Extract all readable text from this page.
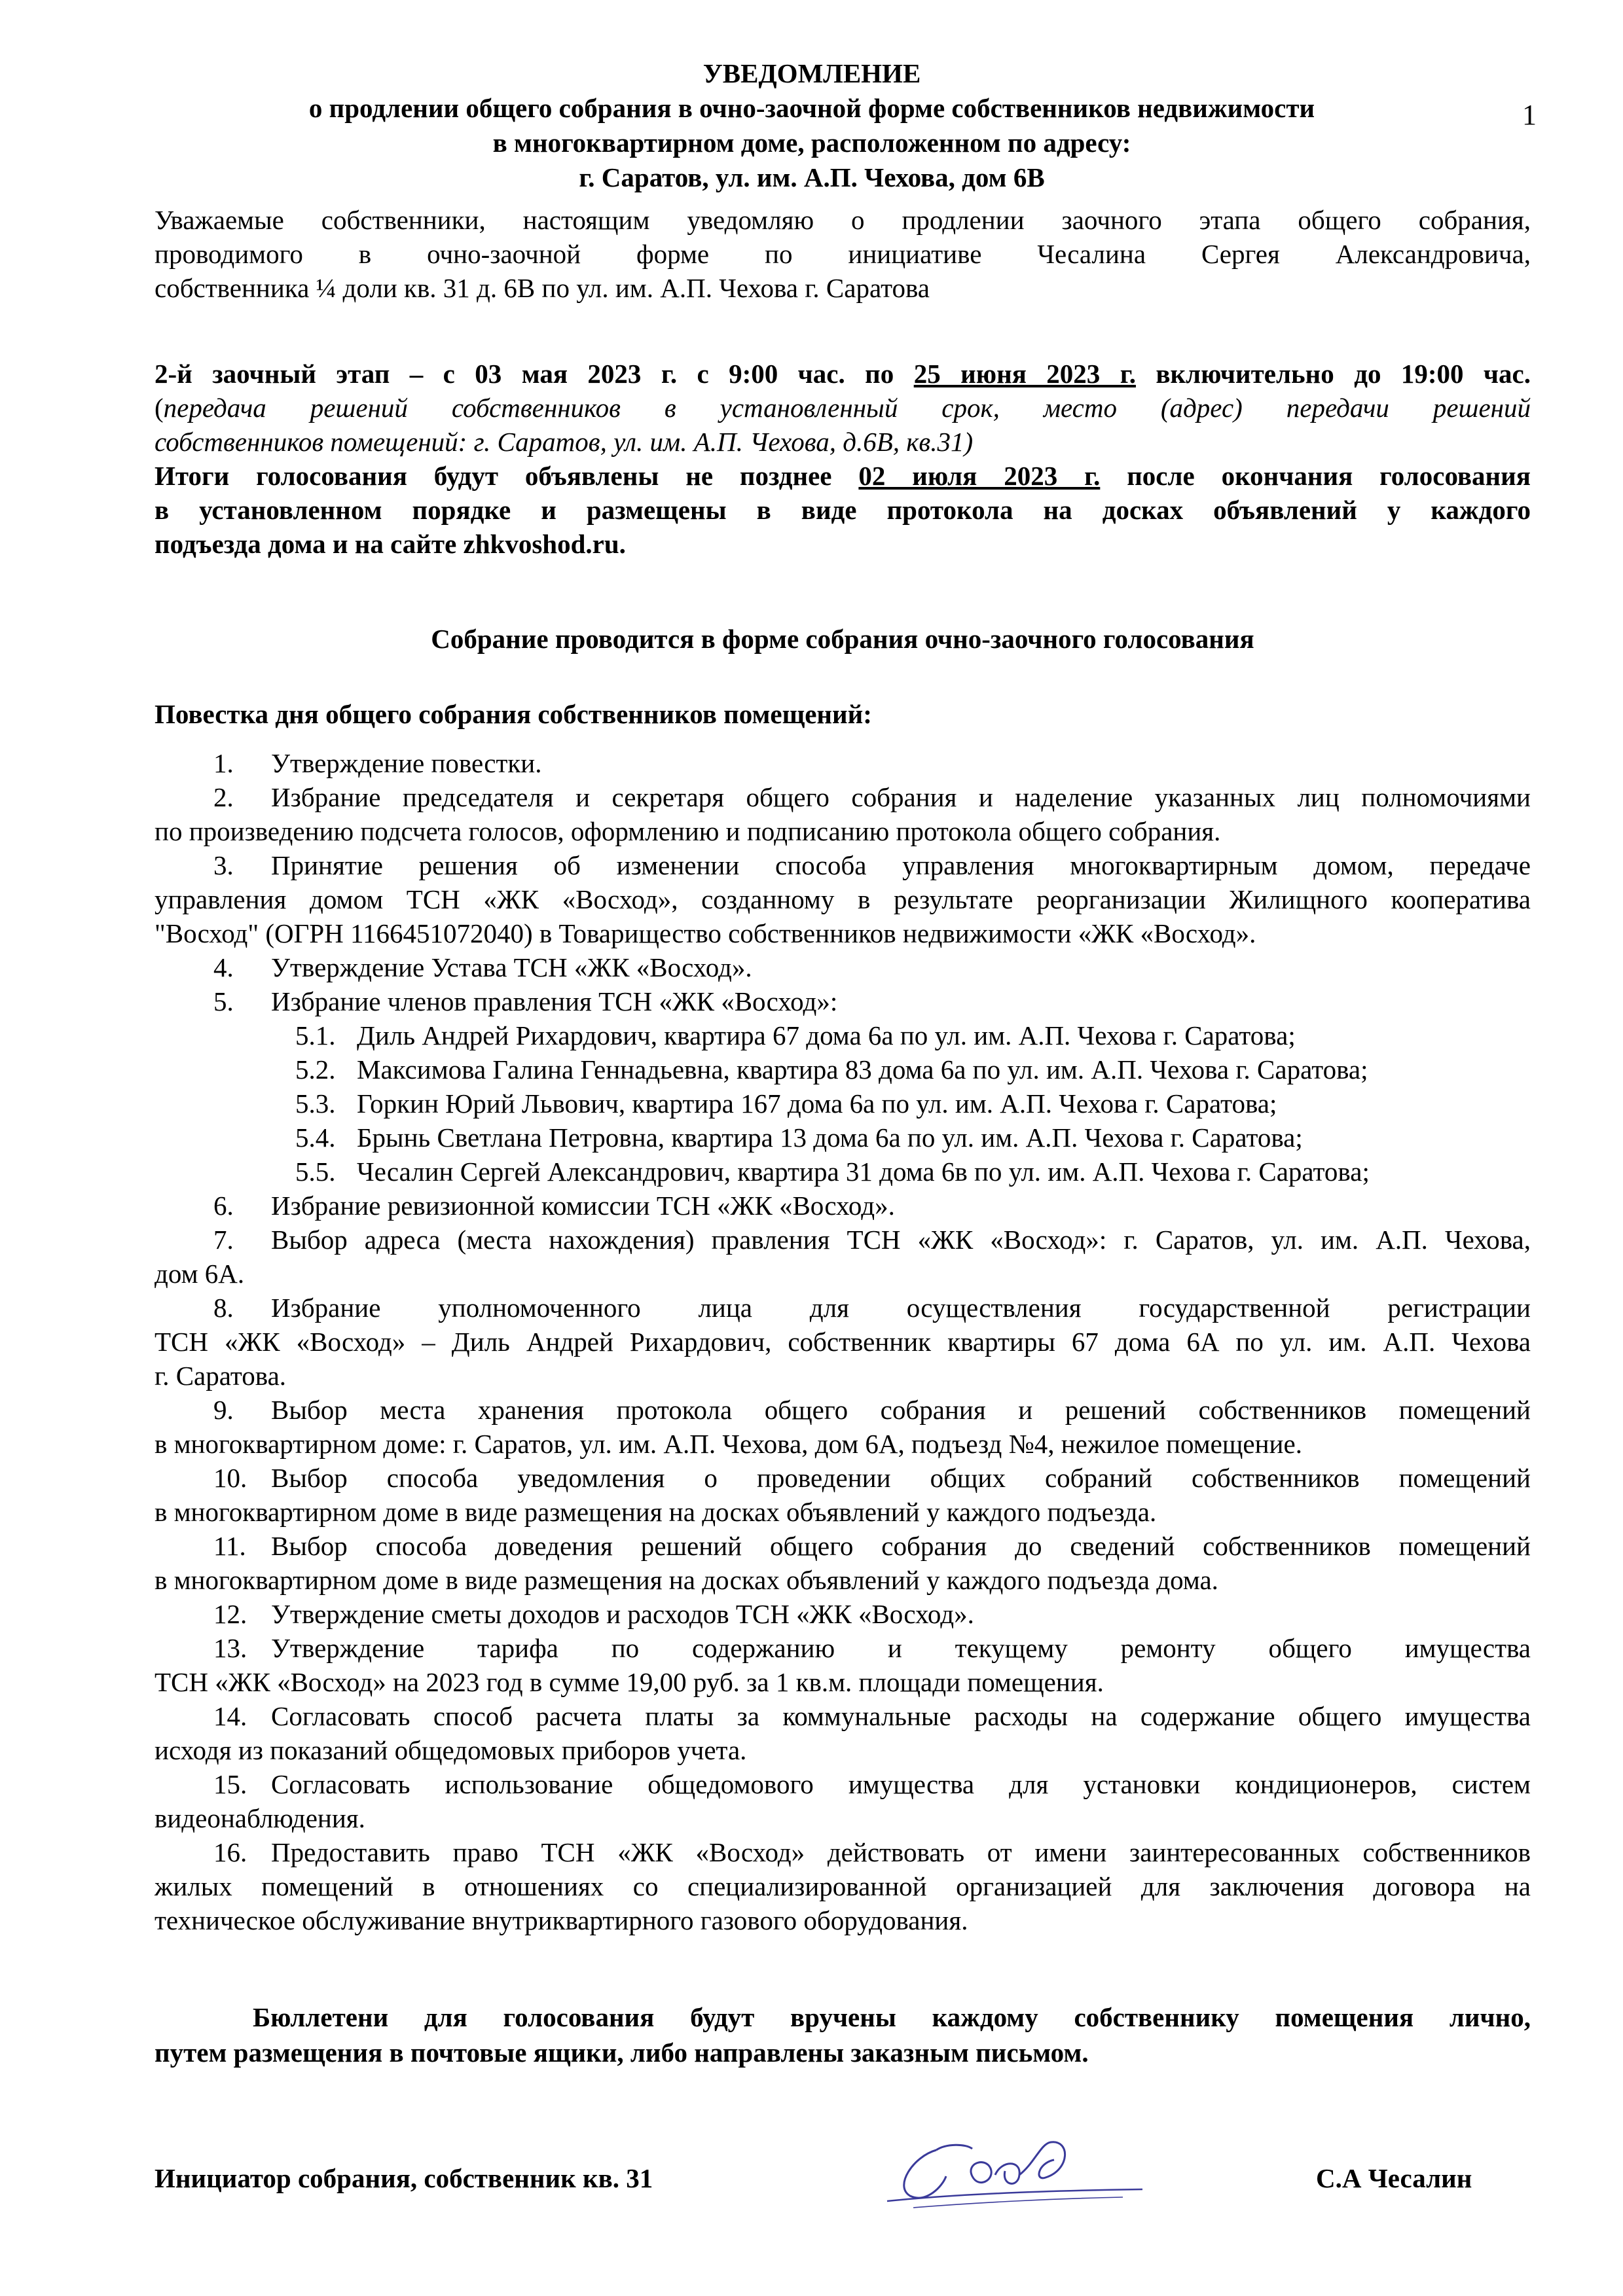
1
УВЕДОМЛЕНИЕ
о продлении общего собрания в очно-заочной форме собственников недвижимости
в многоквартирном доме, расположенном по адресу:
г. Саратов, ул. им. А.П. Чехова, дом 6В
Уважаемые собственники, настоящим уведомляю о продлении заочного этапа общего собрания,
проводимого в очно-заочной форме по инициативе Чесалина Сергея Александровича,
собственника ¼ доли кв. 31 д. 6В по ул. им. А.П. Чехова г. Саратова
2-й заочный этап – с 03 мая 2023 г. с 9:00 час. по 25 июня 2023 г. включительно до 19:00 час.
(передача решений собственников в установленный срок, место (адрес) передачи решений
собственников помещений: г. Саратов, ул. им. А.П. Чехова, д.6В, кв.31)
Итоги голосования будут объявлены не позднее 02 июля 2023 г. после окончания голосования
в установленном порядке и размещены в виде протокола на досках объявлений у каждого
подъезда дома и на сайте zhkvoshod.ru.
Собрание проводится в форме собрания очно-заочного голосования
Повестка дня общего собрания собственников помещений:
1. Утверждение повестки.
2. Избрание председателя и секретаря общего собрания и наделение указанных лиц полномочиями
по произведению подсчета голосов, оформлению и подписанию протокола общего собрания.
3. Принятие решения об изменении способа управления многоквартирным домом, передаче
управления домом ТСН «ЖК «Восход», созданному в результате реорганизации Жилищного кооператива
"Восход" (ОГРН 1166451072040) в Товарищество собственников недвижимости «ЖК «Восход».
4. Утверждение Устава ТСН «ЖК «Восход».
5. Избрание членов правления ТСН «ЖК «Восход»:
5.1. Диль Андрей Рихардович, квартира 67 дома 6а по ул. им. А.П. Чехова г. Саратова;
5.2. Максимова Галина Геннадьевна, квартира 83 дома 6а по ул. им. А.П. Чехова г. Саратова;
5.3. Горкин Юрий Львович, квартира 167 дома 6а по ул. им. А.П. Чехова г. Саратова;
5.4. Брынь Светлана Петровна, квартира 13 дома 6а по ул. им. А.П. Чехова г. Саратова;
5.5. Чесалин Сергей Александрович, квартира 31 дома 6в по ул. им. А.П. Чехова г. Саратова;
6. Избрание ревизионной комиссии ТСН «ЖК «Восход».
7. Выбор адреса (места нахождения) правления ТСН «ЖК «Восход»: г. Саратов, ул. им. А.П. Чехова,
дом 6А.
8. Избрание уполномоченного лица для осуществления государственной регистрации
ТСН «ЖК «Восход» – Диль Андрей Рихардович, собственник квартиры 67 дома 6А по ул. им. А.П. Чехова
г. Саратова.
9. Выбор места хранения протокола общего собрания и решений собственников помещений
в многоквартирном доме: г. Саратов, ул. им. А.П. Чехова, дом 6А, подъезд №4, нежилое помещение.
10. Выбор способа уведомления о проведении общих собраний собственников помещений
в многоквартирном доме в виде размещения на досках объявлений у каждого подъезда.
11. Выбор способа доведения решений общего собрания до сведений собственников помещений
в многоквартирном доме в виде размещения на досках объявлений у каждого подъезда дома.
12. Утверждение сметы доходов и расходов ТСН «ЖК «Восход».
13. Утверждение тарифа по содержанию и текущему ремонту общего имущества
ТСН «ЖК «Восход» на 2023 год в сумме 19,00 руб. за 1 кв.м. площади помещения.
14. Согласовать способ расчета платы за коммунальные расходы на содержание общего имущества
исходя из показаний общедомовых приборов учета.
15. Согласовать использование общедомового имущества для установки кондиционеров, систем
видеонаблюдения.
16. Предоставить право ТСН «ЖК «Восход» действовать от имени заинтересованных собственников
жилых помещений в отношениях со специализированной организацией для заключения договора на
техническое обслуживание внутриквартирного газового оборудования.
Бюллетени для голосования будут вручены каждому собственнику помещения лично,
путем размещения в почтовые ящики, либо направлены заказным письмом.
Инициатор собрания, собственник кв. 31	С.А Чесалин
